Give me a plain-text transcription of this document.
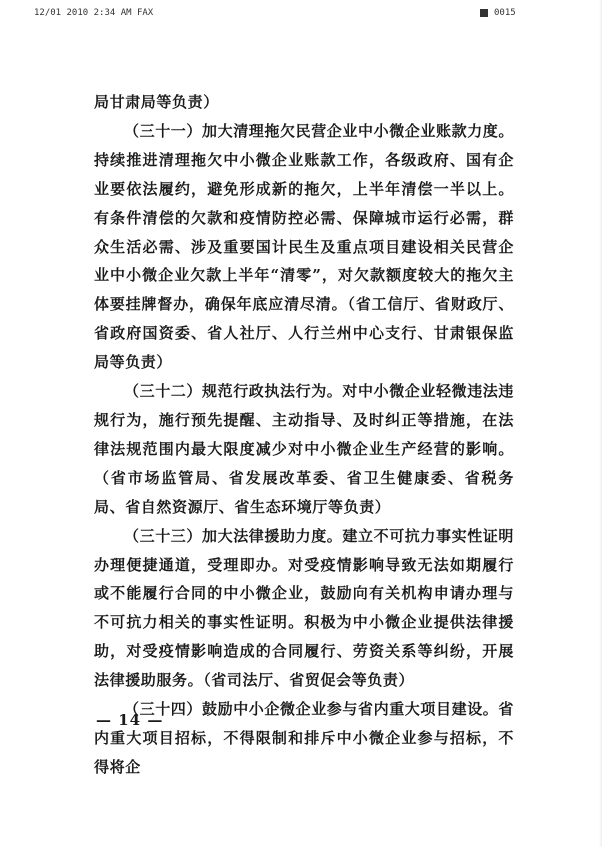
12/01 2010 2:34 AM FAX	0015

局甘肃局等负责）

（三十一）加大清理拖欠民营企业中小微企业账款力度。持续推进清理拖欠中小微企业账款工作，各级政府、国有企业要依法履约，避免形成新的拖欠，上半年清偿一半以上。有条件清偿的欠款和疫情防控必需、保障城市运行必需，群众生活必需、涉及重要国计民生及重点项目建设相关民营企业中小微企业欠款上半年“清零”，对欠款额度较大的拖欠主体要挂牌督办，确保年底应清尽清。（省工信厅、省财政厅、省政府国资委、省人社厅、人行兰州中心支行、甘肃银保监局等负责）

（三十二）规范行政执法行为。对中小微企业轻微违法违规行为，施行预先提醒、主动指导、及时纠正等措施，在法律法规范围内最大限度减少对中小微企业生产经营的影响。（省市场监管局、省发展改革委、省卫生健康委、省税务局、省自然资源厅、省生态环境厅等负责）

（三十三）加大法律援助力度。建立不可抗力事实性证明办理便捷通道，受理即办。对受疫情影响导致无法如期履行或不能履行合同的中小微企业，鼓励向有关机构申请办理与不可抗力相关的事实性证明。积极为中小微企业提供法律援助，对受疫情影响造成的合同履行、劳资关系等纠纷，开展法律援助服务。（省司法厅、省贸促会等负责）

（三十四）鼓励中小企微企业参与省内重大项目建设。省内重大项目招标，不得限制和排斥中小微企业参与招标，不得将企

— 14 —
